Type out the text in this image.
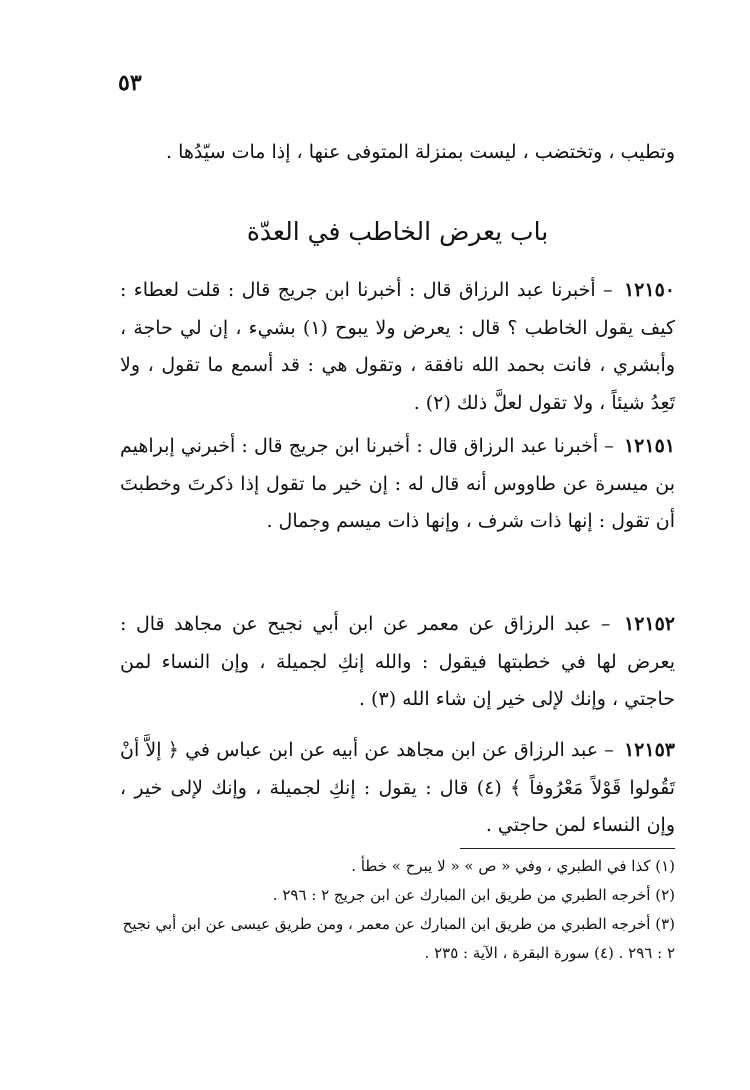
٥٣
وتطيب ، وتختضب ، ليست بمنزلة المتوفى عنها ، إذا مات سيّدُها .
باب يعرض الخاطب في العدّة
١٢١٥٠ – أخبرنا عبد الرزاق قال : أخبرنا ابن جريج قال : قلت لعطاء : كيف يقول الخاطب ؟ قال : يعرض ولا يبوح (١) بشيء ، إن لي حاجة ، وأبشري ، فانت بحمد الله نافقة ، وتقول هي : قد أسمع ما تقول ، ولا تَعِدُ شيئاً ، ولا تقول لعلَّ ذلك (٢) .
١٢١٥١ – أخبرنا عبد الرزاق قال : أخبرنا ابن جريج قال : أخبرني إبراهيم بن ميسرة عن طاووس أنه قال له : إن خير ما تقول إذا ذكرتَ وخطبتَ أن تقول : إنها ذات شرف ، وإنها ذات ميسم وجمال .
١٢١٥٢ – عبد الرزاق عن معمر عن ابن أبي نجيح عن مجاهد قال : يعرض لها في خطبتها فيقول : والله إنكِ لجميلة ، وإن النساء لمن حاجتي ، وإنك لإلى خير إن شاء الله (٣) .
١٢١٥٣ – عبد الرزاق عن ابن مجاهد عن أبيه عن ابن عباس في ﴿ إلاَّ أنْ تَقُولوا قَوْلاً مَعْرُوفاً ﴾ (٤) قال : يقول : إنكِ لجميلة ، وإنك لإلى خير ، وإن النساء لمن حاجتي .

(١) كذا في الطبري ، وفي « ص » « لا يبرح » خطأ .

(٢) أخرجه الطبري من طريق ابن المبارك عن ابن جريج ٢ : ٢٩٦ .

(٣) أخرجه الطبري من طريق ابن المبارك عن معمر ، ومن طريق عيسى عن ابن أبي نجيح ٢ : ٢٩٦ . (٤) سورة البقرة ، الآية : ٢٣٥ .
